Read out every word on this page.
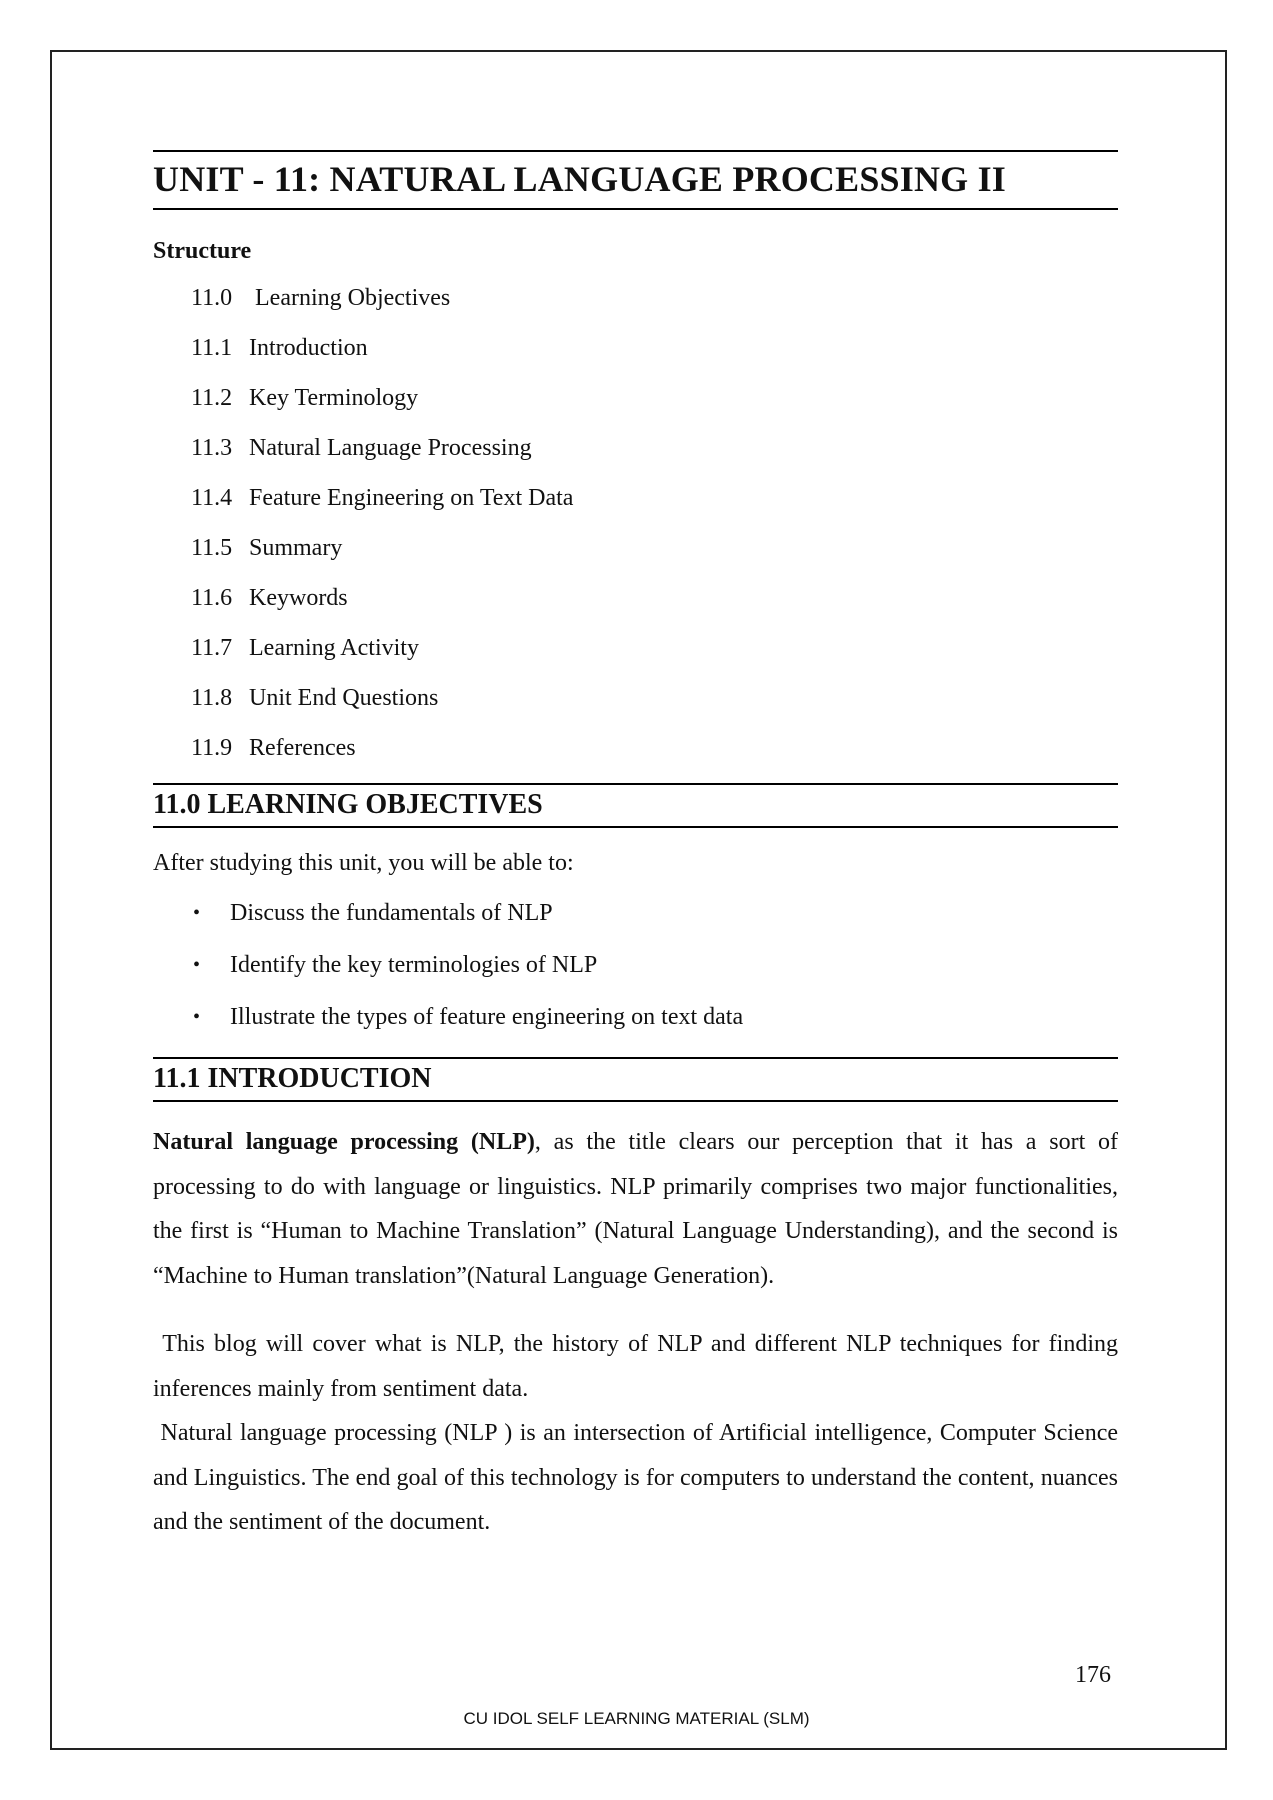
UNIT - 11: NATURAL LANGUAGE PROCESSING II
Structure
11.0 Learning Objectives
11.1 Introduction
11.2 Key Terminology
11.3 Natural Language Processing
11.4 Feature Engineering on Text Data
11.5 Summary
11.6 Keywords
11.7 Learning Activity
11.8 Unit End Questions
11.9 References
11.0 LEARNING OBJECTIVES

After studying this unit, you will be able to:

• Discuss the fundamentals of NLP
• Identify the key terminologies of NLP
• Illustrate the types of feature engineering on text data
11.1 INTRODUCTION

Natural language processing (NLP), as the title clears our perception that it has a sort of processing to do with language or linguistics. NLP primarily comprises two major functionalities, the first is “Human to Machine Translation” (Natural Language Understanding), and the second is “Machine to Human translation”(Natural Language Generation).

This blog will cover what is NLP, the history of NLP and different NLP techniques for finding inferences mainly from sentiment data.

Natural language processing (NLP ) is an intersection of Artificial intelligence, Computer Science and Linguistics. The end goal of this technology is for computers to understand the content, nuances and the sentiment of the document.

176
CU IDOL SELF LEARNING MATERIAL (SLM)
